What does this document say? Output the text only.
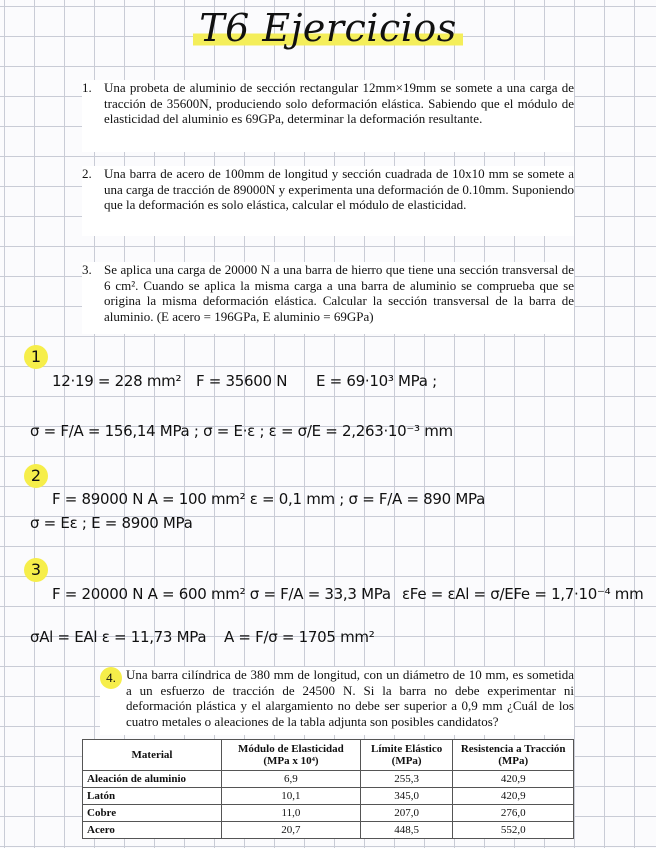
T6 Ejercicios
1. Una probeta de aluminio de sección rectangular 12mm×19mm se somete a una carga de tracción de 35600N, produciendo solo deformación elástica. Sabiendo que el módulo de elasticidad del aluminio es 69GPa, determinar la deformación resultante.
2. Una barra de acero de 100mm de longitud y sección cuadrada de 10x10 mm se somete a una carga de tracción de 89000N y experimenta una deformación de 0.10mm. Suponiendo que la deformación es solo elástica, calcular el módulo de elasticidad.
3. Se aplica una carga de 20000 N a una barra de hierro que tiene una sección transversal de 6 cm². Cuando se aplica la misma carga a una barra de aluminio se comprueba que se origina la misma deformación elástica. Calcular la sección transversal de la barra de aluminio. (E acero = 196GPa, E aluminio = 69GPa)
1
12·19 = 228 mm² F = 35600 N E = 69·10³ MPa ;
σ = F/A = 156,14 MPa ; σ = E·ε ; ε = σ/E = 2,263·10⁻³ mm
2
F = 89000 N A = 100 mm² ε = 0,1 mm ; σ = F/A = 890 MPa
σ = Eε ; E = 8900 MPa
3
F = 20000 N A = 600 mm² σ = F/A = 33,3 MPa εFe = εAl = σ/EFe = 1,7·10⁻⁴ mm
σAl = EAl ε = 11,73 MPa A = F/σ = 1705 mm²
4. Una barra cilíndrica de 380 mm de longitud, con un diámetro de 10 mm, es sometida a un esfuerzo de tracción de 24500 N. Si la barra no debe experimentar ni deformación plástica y el alargamiento no debe ser superior a 0,9 mm ¿Cuál de los cuatro metales o aleaciones de la tabla adjunta son posibles candidatos?
Material	Módulo de Elasticidad (MPa x 10⁴)	Límite Elástico (MPa)	Resistencia a Tracción (MPa)
Aleación de aluminio	6,9	255,3	420,9
Latón	10,1	345,0	420,9
Cobre	11,0	207,0	276,0
Acero	20,7	448,5	552,0
